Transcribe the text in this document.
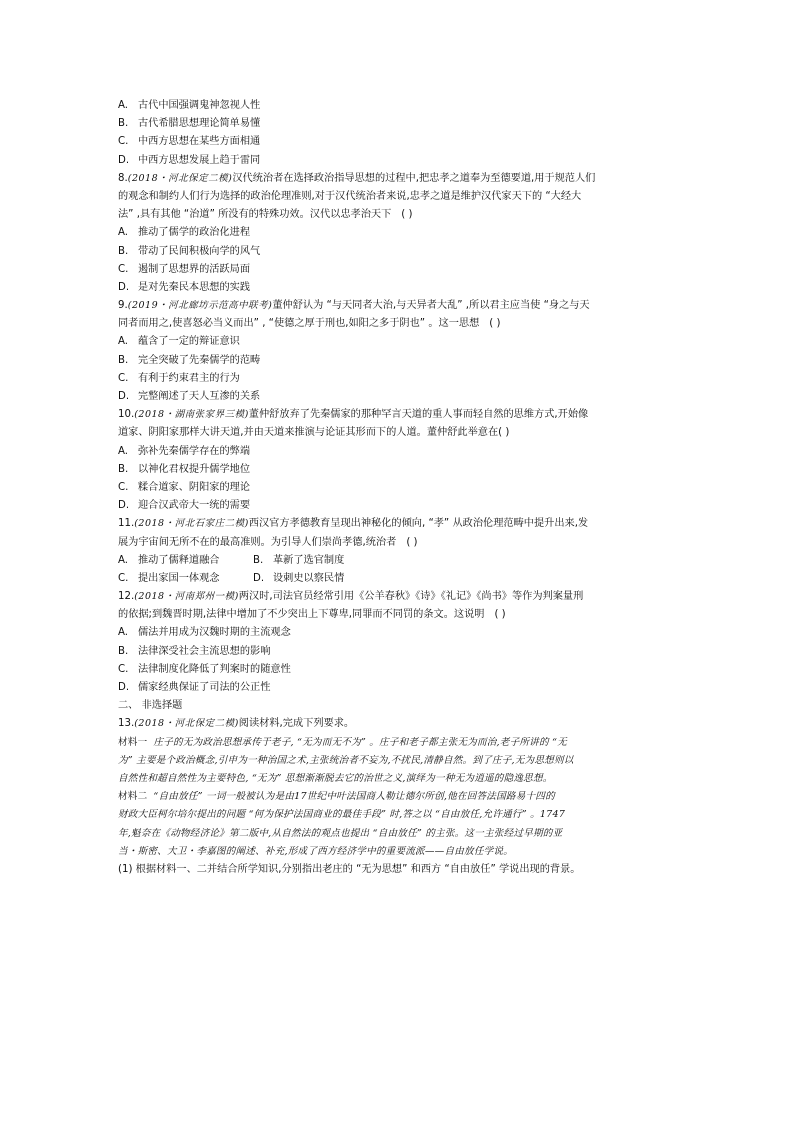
A. 古代中国强调鬼神忽视人性
B. 古代希腊思想理论简单易懂
C. 中西方思想在某些方面相通
D. 中西方思想发展上趋于雷同
8.(2018・河北保定二模)汉代统治者在选择政治指导思想的过程中,把忠孝之道奉为至德要道,用于规范人们
的观念和制约人们行为选择的政治伦理准则,对于汉代统治者来说,忠孝之道是维护汉代家天下的 “大经大
法” ,具有其他 “治道” 所没有的特殊功效。汉代以忠孝治天下 ( )
A. 推动了儒学的政治化进程
B. 带动了民间积极向学的风气
C. 遏制了思想界的活跃局面
D. 是对先秦民本思想的实践
9.(2019・河北廊坊示范高中联考)董仲舒认为 “与天同者大治,与天异者大乱” ,所以君主应当使 “身之与天
同者而用之,使喜怒必当义而出” , “使德之厚于刑也,如阳之多于阴也” 。这一思想 ( )
A. 蕴含了一定的辩证意识
B. 完全突破了先秦儒学的范畴
C. 有利于约束君主的行为
D. 完整阐述了天人互渗的关系
10.(2018・湖南张家界三模)董仲舒放弃了先秦儒家的那种罕言天道的重人事而轻自然的思维方式,开始像
道家、阴阳家那样大讲天道,并由天道来推演与论证其形而下的人道。董仲舒此举意在( )
A. 弥补先秦儒学存在的弊端
B. 以神化君权提升儒学地位
C. 糅合道家、阴阳家的理论
D. 迎合汉武帝大一统的需要
11.(2018・河北石家庄二模)西汉官方孝德教育呈现出神秘化的倾向, “孝” 从政治伦理范畴中提升出来,发
展为宇宙间无所不在的最高准则。为引导人们崇尚孝德,统治者 ( )
A. 推动了儒释道融合	B. 革新了选官制度
C. 提出家国一体观念	D. 设刺史以察民情
12.(2018・河南郑州一模)两汉时,司法官员经常引用《公羊春秋》《诗》《礼记》《尚书》等作为判案量刑
的依据;到魏晋时期,法律中增加了不少突出上下尊卑,同罪而不同罚的条文。这说明 ( )
A. 儒法并用成为汉魏时期的主流观念
B. 法律深受社会主流思想的影响
C. 法律制度化降低了判案时的随意性
D. 儒家经典保证了司法的公正性
二、 非选择题
13.(2018・河北保定二模)阅读材料,完成下列要求。
材料一 庄子的无为政治思想承传于老子, “无为而无不为” 。庄子和老子都主张无为而治,老子所讲的 “无
为” 主要是个政治概念,引申为一种治国之术,主张统治者不妄为,不扰民,清静自然。到了庄子,无为思想则以
自然性和超自然性为主要特色, “无为” 思想渐渐脱去它的治世之义,演绎为一种无为逍遥的隐逸思想。
材料二 “自由放任” 一词一般被认为是由17世纪中叶法国商人勒让德尔所创,他在回答法国路易十四的
财政大臣柯尔培尔提出的问题 “何为保护法国商业的最佳手段” 时,答之以 “自由放任,允许通行” 。1747
年,魁奈在《动物经济论》第二版中,从自然法的观点也提出 “自由放任” 的主张。这一主张经过早期的亚
当・斯密、大卫・李嘉图的阐述、补充,形成了西方经济学中的重要流派——自由放任学说。
(1) 根据材料一、二并结合所学知识,分别指出老庄的 “无为思想” 和西方 “自由放任” 学说出现的背景。
